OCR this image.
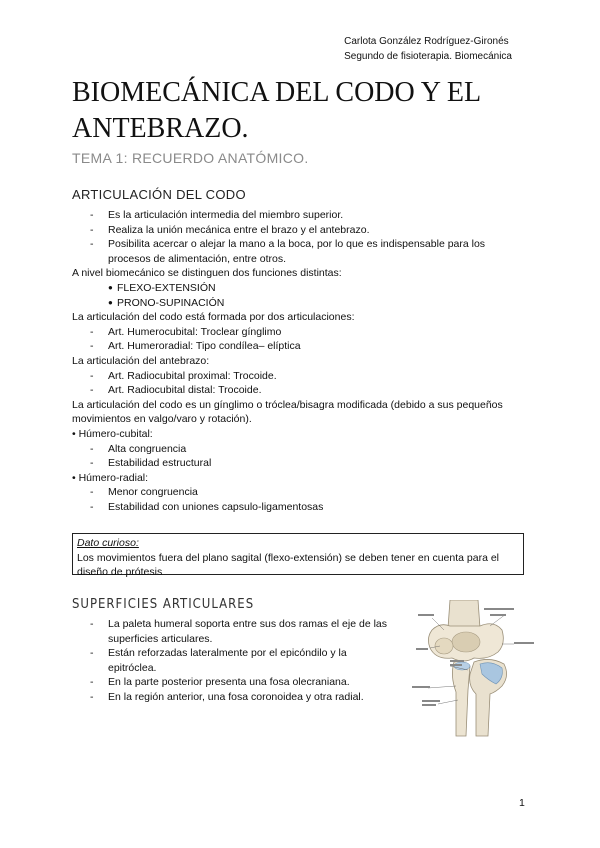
Carlota González Rodríguez-Gironés
Segundo de fisioterapia. Biomecánica
BIOMECÁNICA DEL CODO Y EL ANTEBRAZO.
TEMA 1: RECUERDO ANATÓMICO.
ARTICULACIÓN DEL CODO
- Es la articulación intermedia del miembro superior.
- Realiza la unión mecánica entre el brazo y el antebrazo.
- Posibilita acercar o alejar la mano a la boca, por lo que es indispensable para los procesos de alimentación, entre otros.

A nivel biomecánico se distinguen dos funciones distintas:

● FLEXO-EXTENSIÓN
● PRONO-SUPINACIÓN

La articulación del codo está formada por dos articulaciones:

- Art. Humerocubital: Troclear gínglimo
- Art. Humeroradial: Tipo condílea– elíptica

La articulación del antebrazo:

- Art. Radiocubital proximal: Trocoide.
- Art. Radiocubital distal: Trocoide.

La articulación del codo es un gínglimo o tróclea/bisagra modificada (debido a sus pequeños movimientos en valgo/varo y rotación).

• Húmero-cubital:

- Alta congruencia
- Estabilidad estructural

• Húmero-radial:

- Menor congruencia
- Estabilidad con uniones capsulo-ligamentosas
Dato curioso:
Los movimientos fuera del plano sagital (flexo-extensión) se deben tener en cuenta para el diseño de prótesis
SUPERFICIES ARTICULARES
- La paleta humeral soporta entre sus dos ramas el eje de las superficies articulares.
- Están reforzadas lateralmente por el epicóndilo y la epitróclea.
- En la parte posterior presenta una fosa olecraniana.
- En la región anterior, una fosa coronoidea y otra radial.
1
